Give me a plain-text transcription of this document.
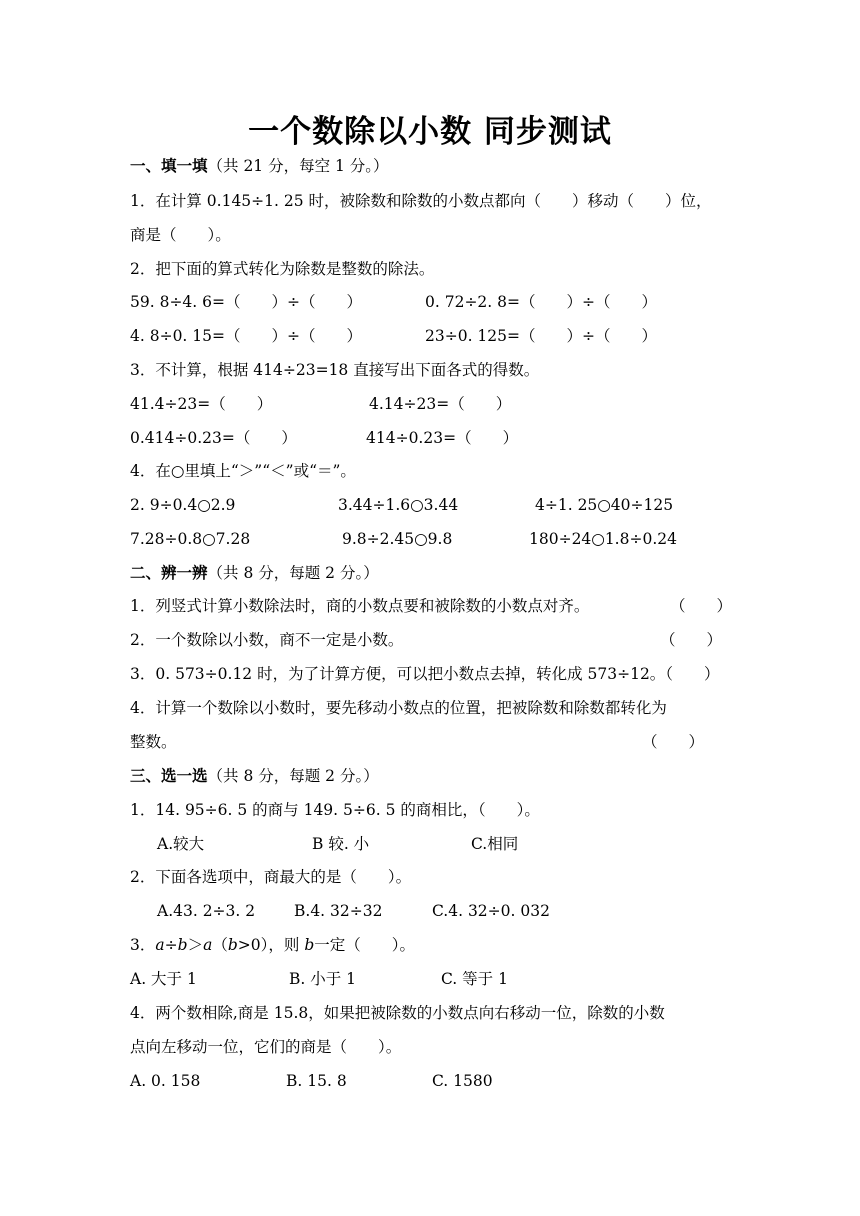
一个数除以小数 同步测试
一、填一填（共 21 分，每空 1 分。）
1．在计算 0.145÷1. 25 时，被除数和除数的小数点都向（　　）移动（　　）位，
商是（　　）。
2．把下面的算式转化为除数是整数的除法。
59. 8÷4. 6=（　　）÷（　　）	0. 72÷2. 8=（　　）÷（　　）
4. 8÷0. 15=（　　）÷（　　）	23÷0. 125=（　　）÷（　　）
3．不计算，根据 414÷23=18 直接写出下面各式的得数。
41.4÷23=（　　）	4.14÷23=（　　）
0.414÷0.23=（　　）	414÷0.23=（　　）
4．在○里填上“＞”“＜”或“＝”。
2. 9÷0.4○2.9	3.44÷1.6○3.44	4÷1. 25○40÷125
7.28÷0.8○7.28	9.8÷2.45○9.8	180÷24○1.8÷0.24
二、辨一辨（共 8 分，每题 2 分。）
1．列竖式计算小数除法时，商的小数点要和被除数的小数点对齐。	（　　）
2．一个数除以小数，商不一定是小数。	（　　）
3．0. 573÷0.12 时，为了计算方便，可以把小数点去掉，转化成 573÷12。（　　）
4．计算一个数除以小数时，要先移动小数点的位置，把被除数和除数都转化为
整数。	（　　）
三、选一选（共 8 分，每题 2 分。）
1．14. 95÷6. 5 的商与 149. 5÷6. 5 的商相比，（　　）。
A.较大	B 较. 小	C.相同
2．下面各选项中，商最大的是（　　）。
A.43. 2÷3. 2	B.4. 32÷32	C.4. 32÷0. 032
3．a÷b＞a（b>0），则 b一定（　　）。
A. 大于 1	B. 小于 1	C. 等于 1
4．两个数相除,商是 15.8，如果把被除数的小数点向右移动一位，除数的小数
点向左移动一位，它们的商是（　　）。
A. 0. 158	B. 15. 8	C. 1580
